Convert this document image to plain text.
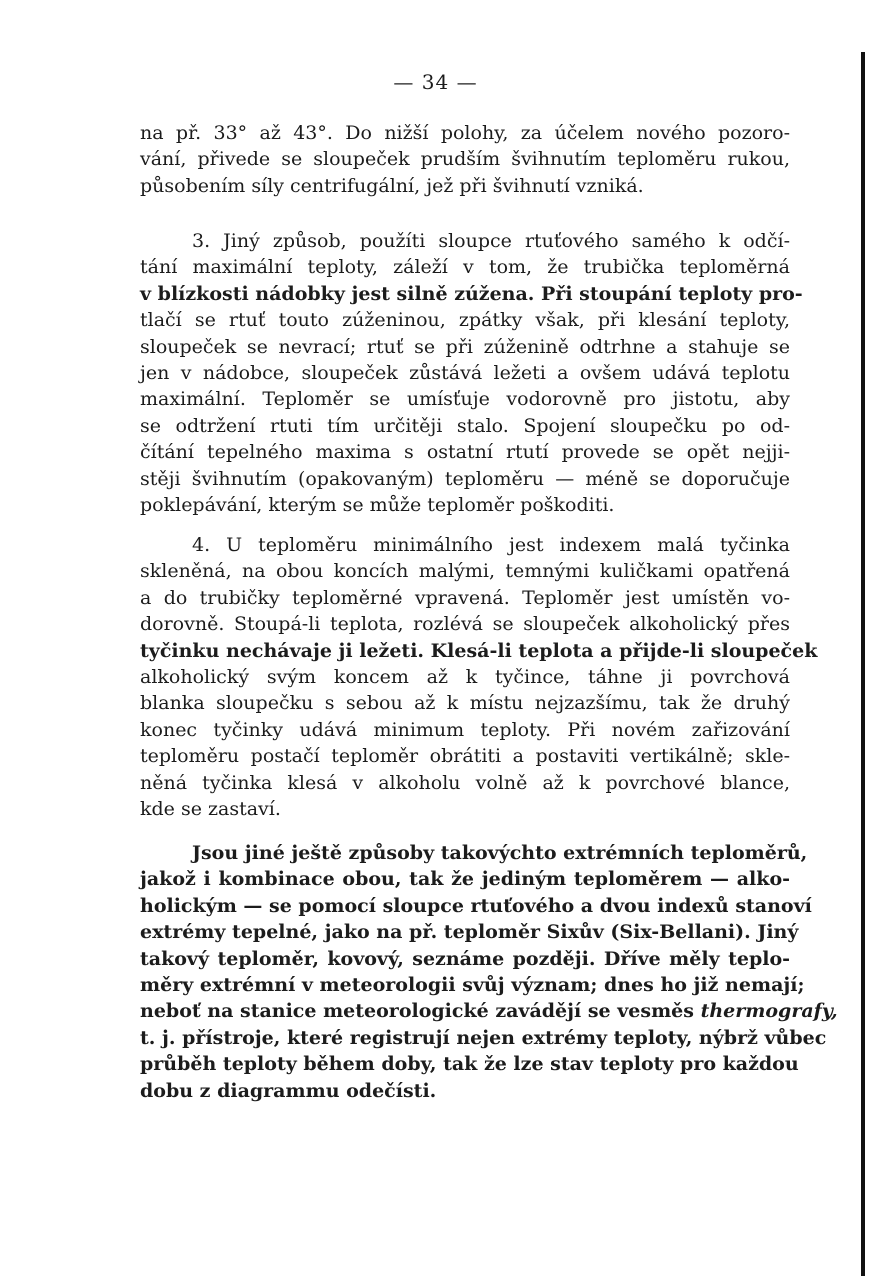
— 34 —
na př. 33° až 43°. Do nižší polohy, za účelem nového pozoro-
vání, přivede se sloupeček prudším švihnutím teploměru rukou,
působením síly centrifugální, jež při švihnutí vzniká.
3. Jiný způsob, použíti sloupce rtuťového samého k odčí-
tání maximální teploty, záleží v tom, že trubička teploměrná
v blízkosti nádobky jest silně zúžena. Při stoupání teploty pro-
tlačí se rtuť touto zúženinou, zpátky však, při klesání teploty,
sloupeček se nevrací; rtuť se při zúženině odtrhne a stahuje se
jen v nádobce, sloupeček zůstává ležeti a ovšem udává teplotu
maximální. Teploměr se umísťuje vodorovně pro jistotu, aby
se odtržení rtuti tím určitěji stalo. Spojení sloupečku po od-
čítání tepelného maxima s ostatní rtutí provede se opět nejji-
stěji švihnutím (opakovaným) teploměru — méně se doporučuje
poklepávání, kterým se může teploměr poškoditi.
4. U teploměru minimálního jest indexem malá tyčinka
skleněná, na obou koncích malými, temnými kuličkami opatřená
a do trubičky teploměrné vpravená. Teploměr jest umístěn vo-
dorovně. Stoupá-li teplota, rozlévá se sloupeček alkoholický přes
tyčinku nechávaje ji ležeti. Klesá-li teplota a přijde-li sloupeček
alkoholický svým koncem až k tyčince, táhne ji povrchová
blanka sloupečku s sebou až k místu nejzazšímu, tak že druhý
konec tyčinky udává minimum teploty. Při novém zařizování
teploměru postačí teploměr obrátiti a postaviti vertikálně; skle-
něná tyčinka klesá v alkoholu volně až k povrchové blance,
kde se zastaví.
Jsou jiné ještě způsoby takovýchto extrémních teploměrů,
jakož i kombinace obou, tak že jediným teploměrem — alko-
holickým — se pomocí sloupce rtuťového a dvou indexů stanoví
extrémy tepelné, jako na př. teploměr Sixův (Six-Bellani). Jiný
takový teploměr, kovový, seznáme později. Dříve měly teplo-
měry extrémní v meteorologii svůj význam; dnes ho již nemají;
neboť na stanice meteorologické zavádějí se vesměs thermografy,
t. j. přístroje, které registrují nejen extrémy teploty, nýbrž vůbec
průběh teploty během doby, tak že lze stav teploty pro každou
dobu z diagrammu odečísti.
